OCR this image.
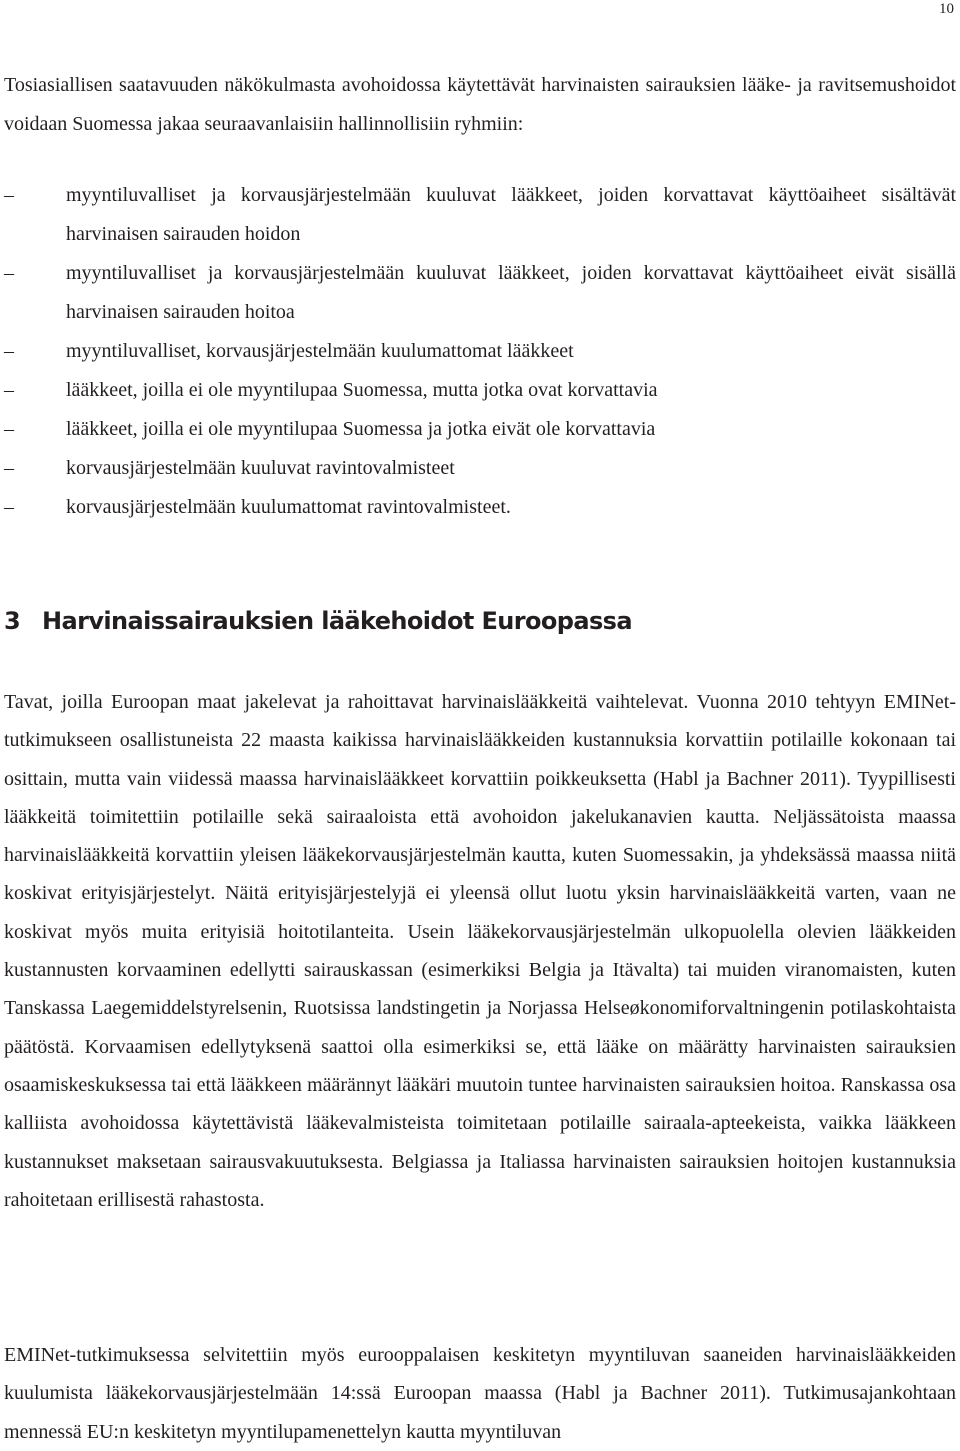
10

Tosiasiallisen saatavuuden näkökulmasta avohoidossa käytettävät harvinaisten sairauksien lääke- ja ravitsemushoidot voidaan Suomessa jakaa seuraavanlaisiin hallinnollisiin ryhmiin:

–	myyntiluvalliset ja korvausjärjestelmään kuuluvat lääkkeet, joiden korvattavat käyttöaiheet sisältävät harvinaisen sairauden hoidon
–	myyntiluvalliset ja korvausjärjestelmään kuuluvat lääkkeet, joiden korvattavat käyttöaiheet eivät sisällä harvinaisen sairauden hoitoa
–	myyntiluvalliset, korvausjärjestelmään kuulumattomat lääkkeet
–	lääkkeet, joilla ei ole myyntilupaa Suomessa, mutta jotka ovat korvattavia
–	lääkkeet, joilla ei ole myyntilupaa Suomessa ja jotka eivät ole korvattavia
–	korvausjärjestelmään kuuluvat ravintovalmisteet
–	korvausjärjestelmään kuulumattomat ravintovalmisteet.
3 Harvinaissairauksien lääkehoidot Euroopassa

Tavat, joilla Euroopan maat jakelevat ja rahoittavat harvinaislääkkeitä vaihtelevat. Vuonna 2010 tehtyyn EMINet-tutkimukseen osallistuneista 22 maasta kaikissa harvinaislääkkeiden kustannuksia korvattiin potilaille kokonaan tai osittain, mutta vain viidessä maassa harvinaislääkkeet korvattiin poikkeuksetta (Habl ja Bachner 2011). Tyypillisesti lääkkeitä toimitettiin potilaille sekä sairaaloista että avohoidon jakelukanavien kautta. Neljässätoista maassa harvinaislääkkeitä korvattiin yleisen lääkekorvausjärjestelmän kautta, kuten Suomessakin, ja yhdeksässä maassa niitä koskivat erityisjärjestelyt. Näitä erityisjärjestelyjä ei yleensä ollut luotu yksin harvinaislääkkeitä varten, vaan ne koskivat myös muita erityisiä hoitotilanteita. Usein lääkekorvausjärjestelmän ulkopuolella olevien lääkkeiden kustannusten korvaaminen edellytti sairauskassan (esimerkiksi Belgia ja Itävalta) tai muiden viranomaisten, kuten Tanskassa Laegemiddelstyrelsenin, Ruotsissa landstingetin ja Norjassa Helseøkonomiforvaltningenin potilaskohtaista päätöstä. Korvaamisen edellytyksenä saattoi olla esimerkiksi se, että lääke on määrätty harvinaisten sairauksien osaamiskeskuksessa tai että lääkkeen määrännyt lääkäri muutoin tuntee harvinaisten sairauksien hoitoa. Ranskassa osa kalliista avohoidossa käytettävistä lääkevalmisteista toimitetaan potilaille sairaala-apteekeista, vaikka lääkkeen kustannukset maksetaan sairausvakuutuksesta. Belgiassa ja Italiassa harvinaisten sairauksien hoitojen kustannuksia rahoitetaan erillisestä rahastosta.

EMINet-tutkimuksessa selvitettiin myös eurooppalaisen keskitetyn myyntiluvan saaneiden harvinaislääkkeiden kuulumista lääkekorvausjärjestelmään 14:ssä Euroopan maassa (Habl ja Bachner 2011). Tutkimusajankohtaan mennessä EU:n keskitetyn myyntilupamenettelyn kautta myyntiluvan
